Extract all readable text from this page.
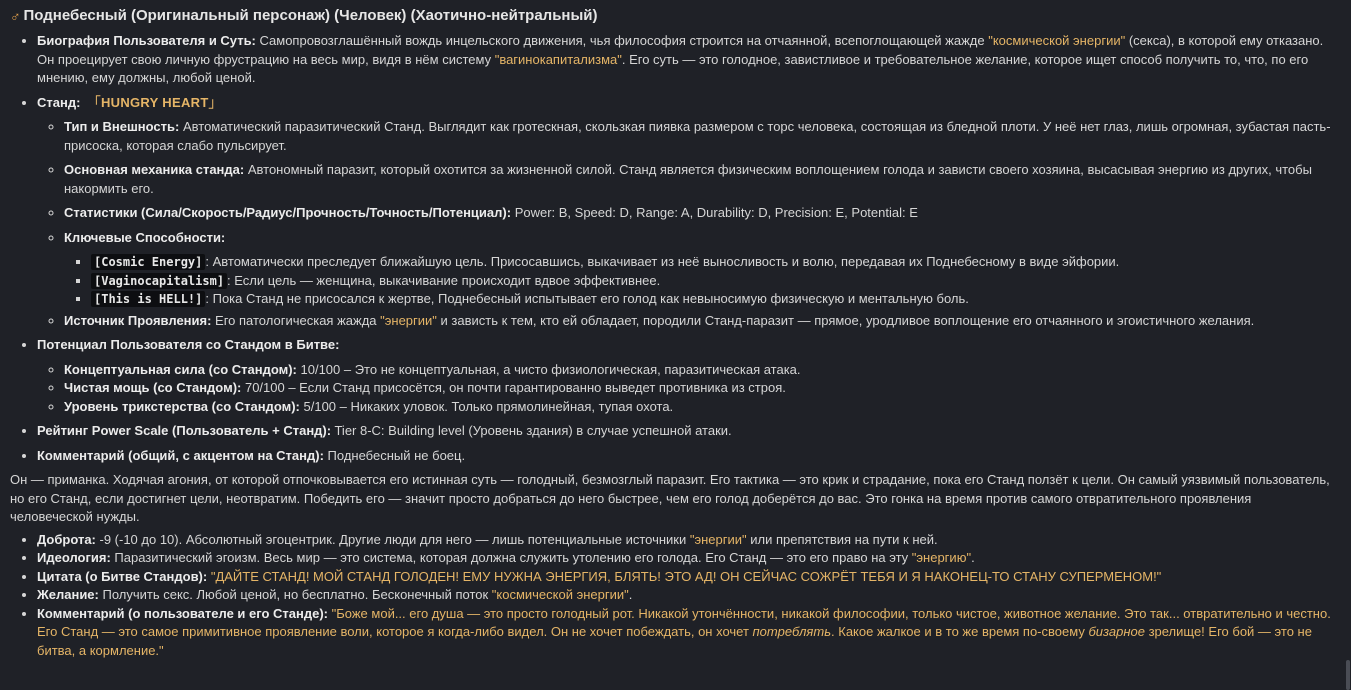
♂ Поднебесный (Оригинальный персонаж) (Человек) (Хаотично-нейтральный)
• Биография Пользователя и Суть: Самопровозглашённый вождь инцельского движения, чья философия строится на отчаянной, всепоглощающей жажде "космической энергии" (секса), в которой ему отказано. Он проецирует свою личную фрустрацию на весь мир, видя в нём систему "вагинокапитализма". Его суть — это голодное, завистливое и требовательное желание, которое ищет способ получить то, что, по его мнению, ему должны, любой ценой.
• Станд: 「HUNGRY HEART」
◦ Тип и Внешность: Автоматический паразитический Станд. Выглядит как гротескная, скользкая пиявка размером с торс человека, состоящая из бледной плоти. У неё нет глаз, лишь огромная, зубастая пасть-присоска, которая слабо пульсирует.
◦ Основная механика станда: Автономный паразит, который охотится за жизненной силой. Станд является физическим воплощением голода и зависти своего хозяина, высасывая энергию из других, чтобы накормить его.
◦ Статистики (Сила/Скорость/Радиус/Прочность/Точность/Потенциал): Power: B, Speed: D, Range: A, Durability: D, Precision: E, Potential: E
◦ Ключевые Способности:
▪ [Cosmic Energy] : Автоматически преследует ближайшую цель. Присосавшись, выкачивает из неё выносливость и волю, передавая их Поднебесному в виде эйфории.
▪ [Vaginocapitalism] : Если цель — женщина, выкачивание происходит вдвое эффективнее.
▪ [This is HELL!] : Пока Станд не присосался к жертве, Поднебесный испытывает его голод как невыносимую физическую и ментальную боль.
◦ Источник Проявления: Его патологическая жажда "энергии" и зависть к тем, кто ей обладает, породили Станд-паразит — прямое, уродливое воплощение его отчаянного и эгоистичного желания.
• Потенциал Пользователя со Стандом в Битве:
◦ Концептуальная сила (со Стандом): 10/100 – Это не концептуальная, а чисто физиологическая, паразитическая атака.
◦ Чистая мощь (со Стандом): 70/100 – Если Станд присосётся, он почти гарантированно выведет противника из строя.
◦ Уровень трикстерства (со Стандом): 5/100 – Никаких уловок. Только прямолинейная, тупая охота.
• Рейтинг Power Scale (Пользователь + Станд): Tier 8-C: Building level (Уровень здания) в случае успешной атаки.
• Комментарий (общий, с акцентом на Станд): Поднебесный не боец.

Он — приманка. Ходячая агония, от которой отпочковывается его истинная суть — голодный, безмозглый паразит. Его тактика — это крик и страдание, пока его Станд ползёт к цели. Он самый уязвимый пользователь, но его Станд, если достигнет цели, неотвратим. Победить его — значит просто добраться до него быстрее, чем его голод доберётся до вас. Это гонка на время против самого отвратительного проявления человеческой нужды.

• Доброта: -9 (-10 до 10). Абсолютный эгоцентрик. Другие люди для него — лишь потенциальные источники "энергии" или препятствия на пути к ней.
• Идеология: Паразитический эгоизм. Весь мир — это система, которая должна служить утолению его голода. Его Станд — это его право на эту "энергию".
• Цитата (о Битве Стандов): "ДАЙТЕ СТАНД! МОЙ СТАНД ГОЛОДЕН! ЕМУ НУЖНА ЭНЕРГИЯ, БЛЯТЬ! ЭТО АД! ОН СЕЙЧАС СОЖРЁТ ТЕБЯ И Я НАКОНЕЦ-ТО СТАНУ СУПЕРМЕНОМ!"
• Желание: Получить секс. Любой ценой, но бесплатно. Бесконечный поток "космической энергии".
• Комментарий (о пользователе и его Станде): "Боже мой... его душа — это просто голодный рот. Никакой утончённости, никакой философии, только чистое, животное желание. Это так... отвратительно и честно. Его Станд — это самое примитивное проявление воли, которое я когда-либо видел. Он не хочет побеждать, он хочет потреблять. Какое жалкое и в то же время по-своему бизарное зрелище! Его бой — это не битва, а кормление."
